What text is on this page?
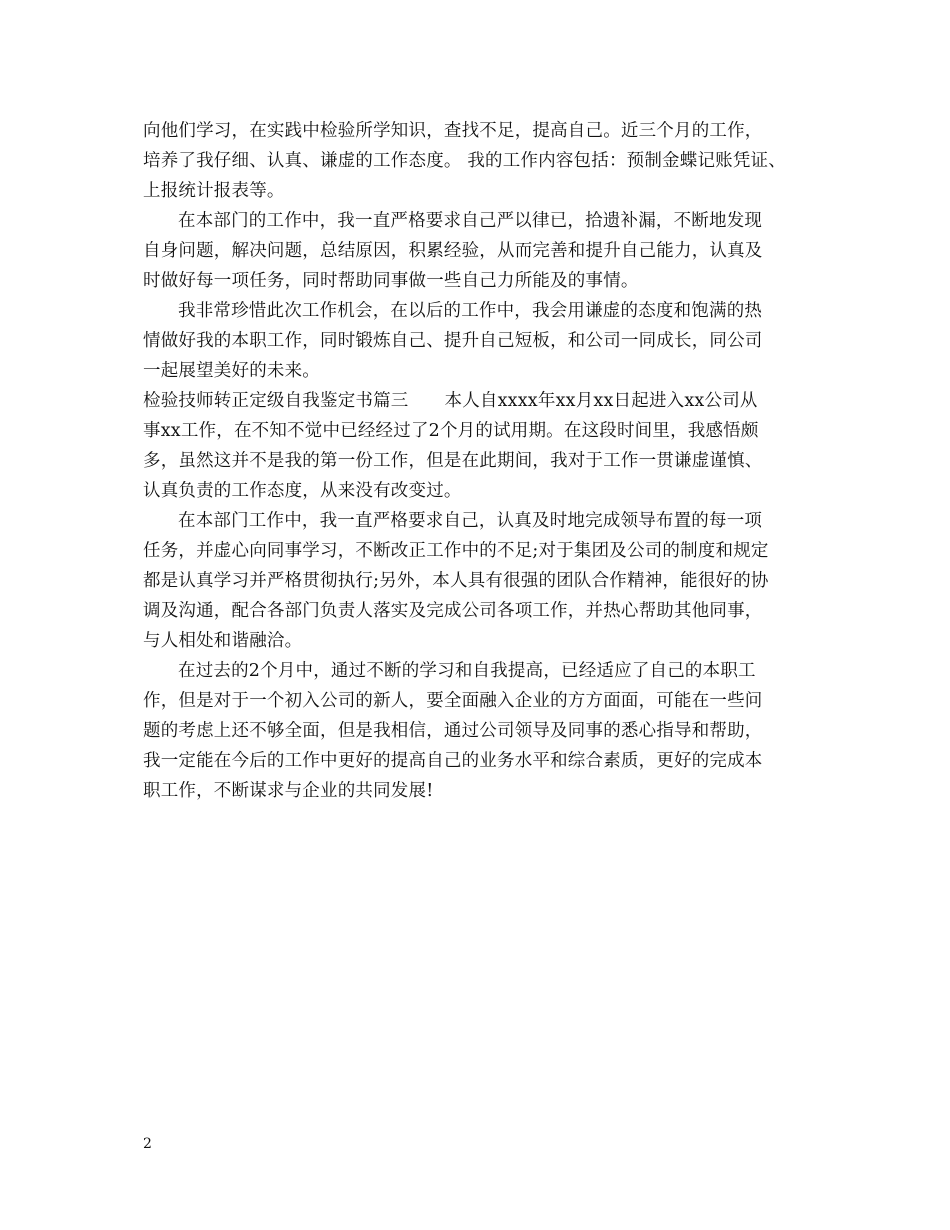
向他们学习，在实践中检验所学知识，查找不足，提高自己。近三个月的工作，
培养了我仔细、认真、谦虚的工作态度。 我的工作内容包括：预制金蝶记账凭证、
上报统计报表等。
在本部门的工作中，我一直严格要求自己严以律已，拾遗补漏，不断地发现
自身问题，解决问题，总结原因，积累经验，从而完善和提升自己能力，认真及
时做好每一项任务，同时帮助同事做一些自己力所能及的事情。
我非常珍惜此次工作机会，在以后的工作中，我会用谦虚的态度和饱满的热
情做好我的本职工作，同时锻炼自己、提升自己短板，和公司一同成长，同公司
一起展望美好的未来。
检验技师转正定级自我鉴定书篇三 本人自xxxx年xx月xx日起进入xx公司从
事xx工作，在不知不觉中已经经过了2个月的试用期。在这段时间里，我感悟颇
多，虽然这并不是我的第一份工作，但是在此期间，我对于工作一贯谦虚谨慎、
认真负责的工作态度，从来没有改变过。
在本部门工作中，我一直严格要求自己，认真及时地完成领导布置的每一项
任务，并虚心向同事学习，不断改正工作中的不足;对于集团及公司的制度和规定
都是认真学习并严格贯彻执行;另外，本人具有很强的团队合作精神，能很好的协
调及沟通，配合各部门负责人落实及完成公司各项工作，并热心帮助其他同事，
与人相处和谐融洽。
在过去的2个月中，通过不断的学习和自我提高，已经适应了自己的本职工
作，但是对于一个初入公司的新人，要全面融入企业的方方面面，可能在一些问
题的考虑上还不够全面，但是我相信，通过公司领导及同事的悉心指导和帮助，
我一定能在今后的工作中更好的提高自己的业务水平和综合素质，更好的完成本
职工作，不断谋求与企业的共同发展!
2
